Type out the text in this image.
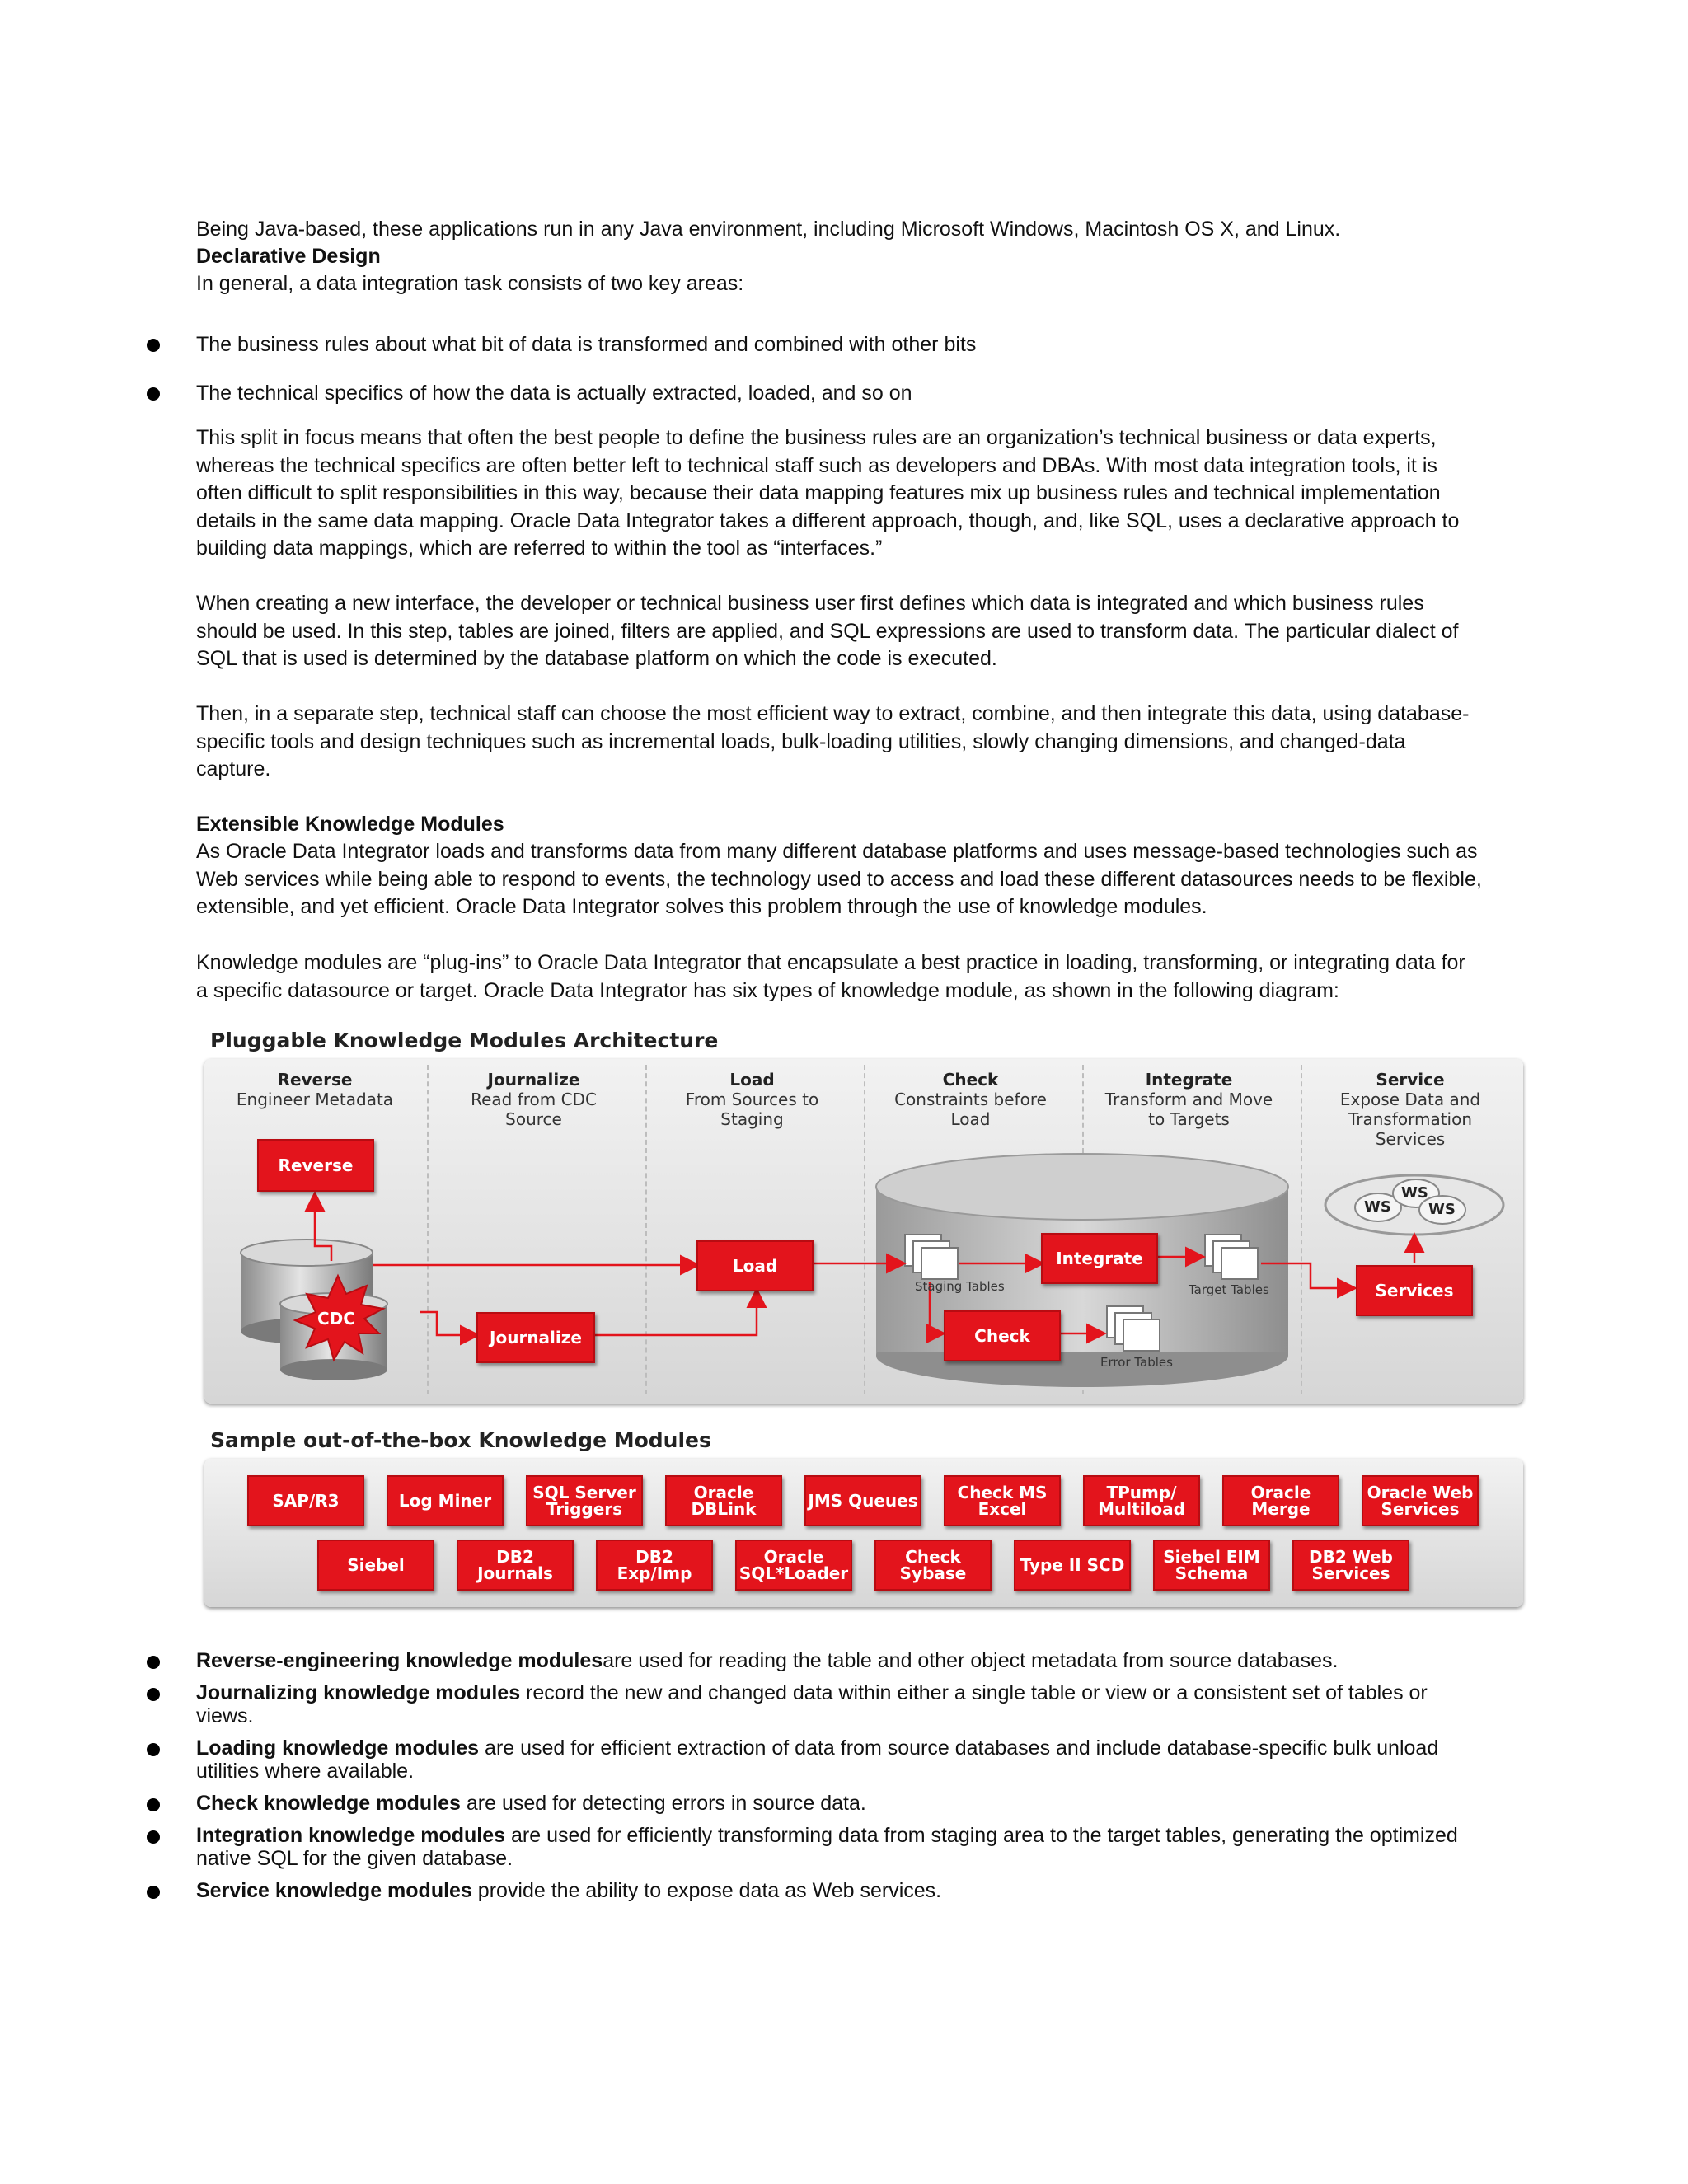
Being Java-based, these applications run in any Java environment, including Microsoft Windows, Macintosh OS X, and Linux.

Declarative Design

In general, a data integration task consists of two key areas:

The business rules about what bit of data is transformed and combined with other bits

The technical specifics of how the data is actually extracted, loaded, and so on

This split in focus means that often the best people to define the business rules are an organization’s technical business or data experts, whereas the technical specifics are often better left to technical staff such as developers and DBAs. With most data integration tools, it is often difficult to split responsibilities in this way, because their data mapping features mix up business rules and technical implementation details in the same data mapping. Oracle Data Integrator takes a different approach, though, and, like SQL, uses a declarative approach to building data mappings, which are referred to within the tool as “interfaces.”

When creating a new interface, the developer or technical business user first defines which data is integrated and which business rules should be used. In this step, tables are joined, filters are applied, and SQL expressions are used to transform data. The particular dialect of SQL that is used is determined by the database platform on which the code is executed.

Then, in a separate step, technical staff can choose the most efficient way to extract, combine, and then integrate this data, using database-specific tools and design techniques such as incremental loads, bulk-loading utilities, slowly changing dimensions, and changed-data capture.

Extensible Knowledge Modules

As Oracle Data Integrator loads and transforms data from many different database platforms and uses message-based technologies such as Web services while being able to respond to events, the technology used to access and load these different datasources needs to be flexible, extensible, and yet efficient. Oracle Data Integrator solves this problem through the use of knowledge modules.

Knowledge modules are “plug-ins” to Oracle Data Integrator that encapsulate a best practice in loading, transforming, or integrating data for a specific datasource or target. Oracle Data Integrator has six types of knowledge module, as shown in the following diagram:

Pluggable Knowledge Modules Architecture
Reverse
Engineer Metadata
Journalize
Read from CDC Source
Load
From Sources to Staging
Check
Constraints before Load
Integrate
Transform and Move to Targets
Service
Expose Data and Transformation Services
Reverse
CDC
Journalize
Load	Integrate
Check
Services
Staging Tables	Target Tables
Error Tables
WS
WS
WS
Sample out-of-the-box Knowledge Modules
SAP/R3	Log Miner	SQL Server Triggers
Oracle DBLink	JMS Queues	Check MS Excel
TPump/ Multiload
Oracle Merge
Oracle Web Services
Siebel	DB2 Journals
DB2 Exp/Imp
Oracle SQL*Loader
Check Sybase	Type II SCD	Siebel EIM Schema
DB2 Web Services

Reverse-engineering knowledge modulesare used for reading the table and other object metadata from source databases.

Journalizing knowledge modules record the new and changed data within either a single table or view or a consistent set of tables or views.

Loading knowledge modules are used for efficient extraction of data from source databases and include database-specific bulk unload utilities where available.

Check knowledge modules are used for detecting errors in source data.

Integration knowledge modules are used for efficiently transforming data from staging area to the target tables, generating the optimized native SQL for the given database.

Service knowledge modules provide the ability to expose data as Web services.
